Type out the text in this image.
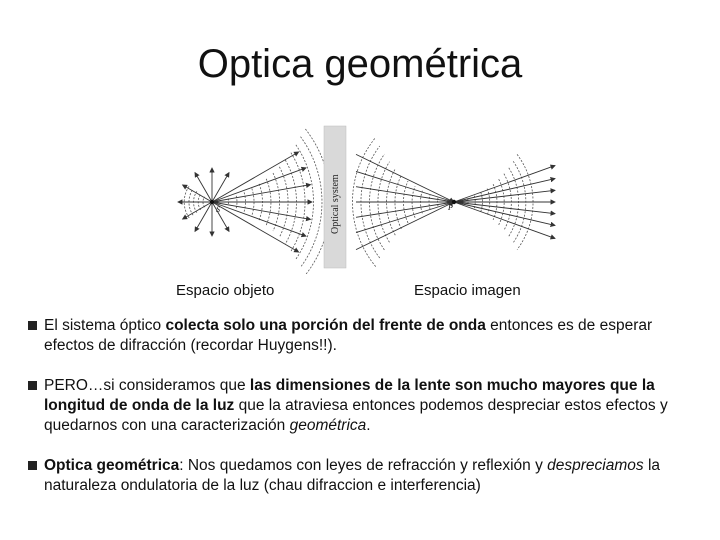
Optica geométrica
Optical system
S	P
Espacio objeto	Espacio imagen
El sistema óptico colecta solo una porción del frente de onda entonces es de esperar efectos de difracción (recordar Huygens!!).
PERO…si consideramos que las dimensiones de la lente son mucho mayores que la longitud de onda de la luz que la atraviesa entonces podemos despreciar estos efectos y quedarnos con una caracterización geométrica.
Optica geométrica: Nos quedamos con leyes de refracción y reflexión y despreciamos la naturaleza ondulatoria de la luz (chau difraccion e interferencia)
